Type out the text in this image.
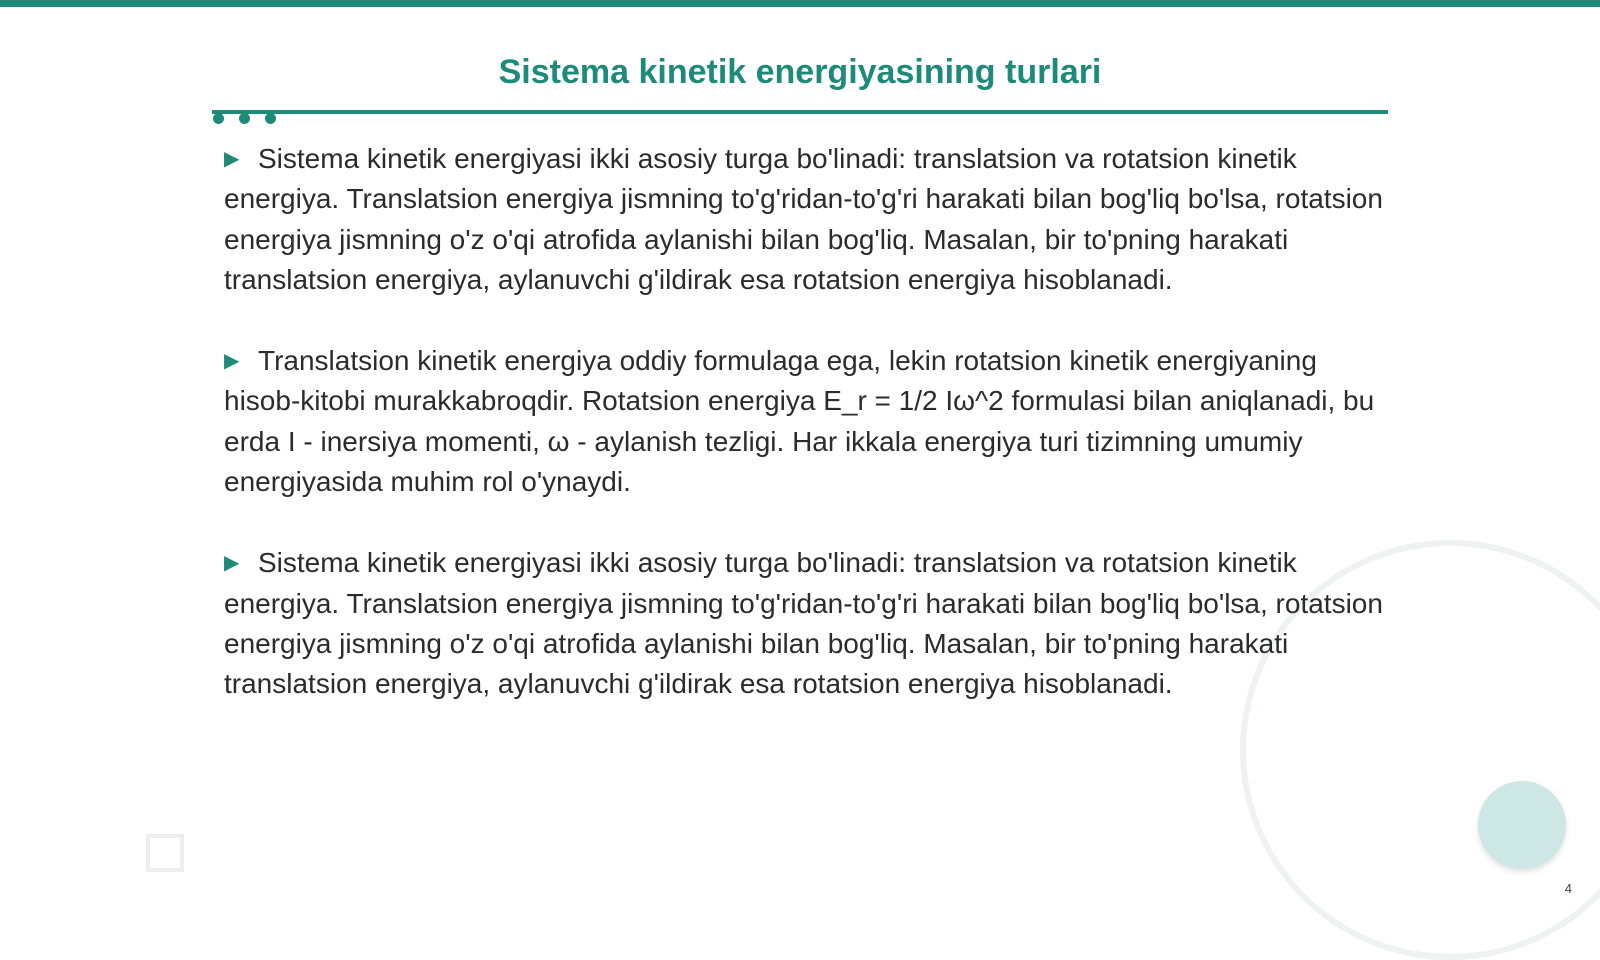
Sistema kinetik energiyasining turlari

▶ Sistema kinetik energiyasi ikki asosiy turga bo'linadi: translatsion va rotatsion kinetik energiya. Translatsion energiya jismning to'g'ridan-to'g'ri harakati bilan bog'liq bo'lsa, rotatsion energiya jismning o'z o'qi atrofida aylanishi bilan bog'liq. Masalan, bir to'pning harakati translatsion energiya, aylanuvchi g'ildirak esa rotatsion energiya hisoblanadi.

▶ Translatsion kinetik energiya oddiy formulaga ega, lekin rotatsion kinetik energiyaning hisob-kitobi murakkabroqdir. Rotatsion energiya E_r = 1/2 Iω^2 formulasi bilan aniqlanadi, bu erda I - inersiya momenti, ω - aylanish tezligi. Har ikkala energiya turi tizimning umumiy energiyasida muhim rol o'ynaydi.

▶ Sistema kinetik energiyasi ikki asosiy turga bo'linadi: translatsion va rotatsion kinetik energiya. Translatsion energiya jismning to'g'ridan-to'g'ri harakati bilan bog'liq bo'lsa, rotatsion energiya jismning o'z o'qi atrofida aylanishi bilan bog'liq. Masalan, bir to'pning harakati translatsion energiya, aylanuvchi g'ildirak esa rotatsion energiya hisoblanadi.

4
